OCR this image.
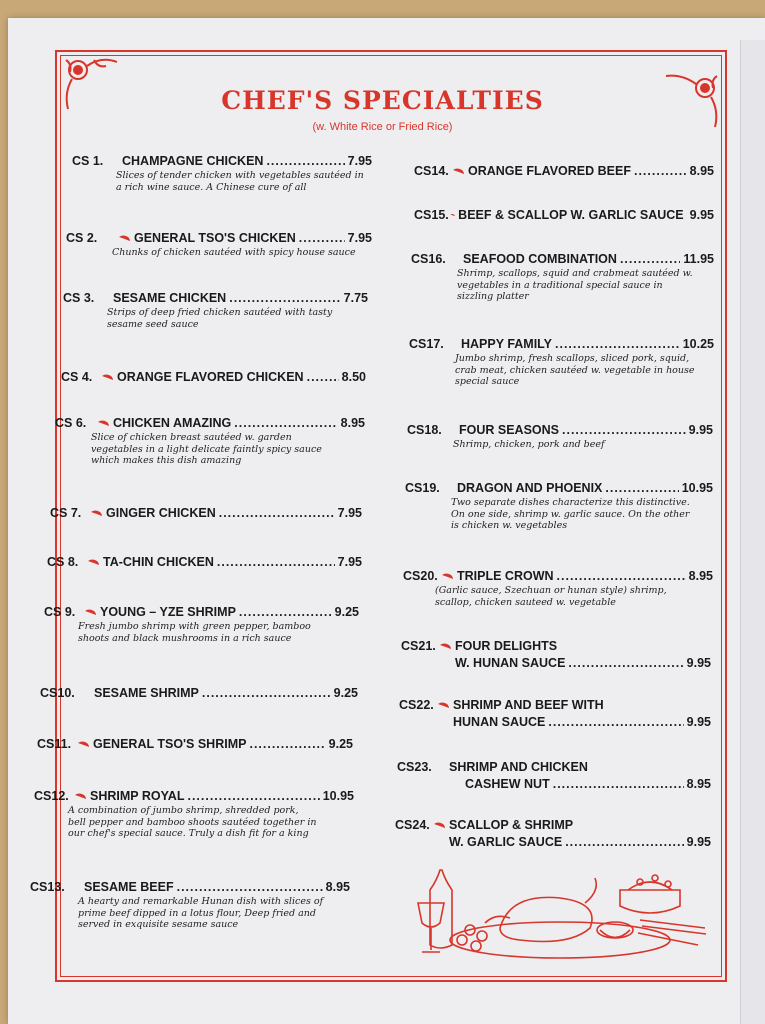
CHEF'S SPECIALTIES
(w. White Rice or Fried Rice)
CS 1. CHAMPAGNE CHICKEN .....	7.95
Slices of tender chicken with vegetables sautéed in a rich wine sauce. A Chinese cure of all
CS 2.	GENERAL TSO'S CHICKEN .....	7.95
Chunks of chicken sautéed with spicy house sauce
CS 3. SESAME CHICKEN .....	7.75
Strips of deep fried chicken sautéed with tasty sesame seed sauce
CS 4. ORANGE FLAVORED CHICKEN .....	8.50
CS 6. CHICKEN AMAZING .....	8.95
Slice of chicken breast sautéed w. garden vegetables in a light delicate faintly spicy sauce which makes this dish amazing
CS 7. GINGER CHICKEN .....	7.95
CS 8. TA-CHIN CHICKEN .....	7.95
CS 9. YOUNG – YZE SHRIMP .....	9.25
Fresh jumbo shrimp with green pepper, bamboo shoots and black mushrooms in a rich sauce
CS10. SESAME SHRIMP .....	9.25
CS11. GENERAL TSO'S SHRIMP .....	9.25
CS12. SHRIMP ROYAL .....	10.95
A combination of jumbo shrimp, shredded pork, bell pepper and bamboo shoots sautéed together in our chef's special sauce. Truly a dish fit for a king
CS13. SESAME BEEF .....	8.95
A hearty and remarkable Hunan dish with slices of prime beef dipped in a lotus flour, Deep fried and served in exquisite sesame sauce
CS14. ORANGE FLAVORED BEEF .....	8.95
CS15. BEEF & SCALLOP W. GARLIC SAUCE 9.95
CS16. SEAFOOD COMBINATION .....	11.95
Shrimp, scallops, squid and crabmeat sautéed w. vegetables in a traditional special sauce in sizzling platter
CS17. HAPPY FAMILY .....	10.25
Jumbo shrimp, fresh scallops, sliced pork, squid, crab meat, chicken sautéed w. vegetable in house special sauce
CS18. FOUR SEASONS .....	9.95
Shrimp, chicken, pork and beef
CS19. DRAGON AND PHOENIX .....	10.95
Two separate dishes characterize this distinctive. On one side, shrimp w. garlic sauce. On the other is chicken w. vegetables
CS20. TRIPLE CROWN .....	8.95
(Garlic sauce, Szechuan or hunan style) shrimp, scallop, chicken sauteed w. vegetable
CS21. FOUR DELIGHTS
W. HUNAN SAUCE .....	9.95
CS22. SHRIMP AND BEEF WITH
HUNAN SAUCE .....	9.95
CS23. SHRIMP AND CHICKEN
CASHEW NUT .....	8.95
CS24. SCALLOP & SHRIMP
W. GARLIC SAUCE .....	9.95
